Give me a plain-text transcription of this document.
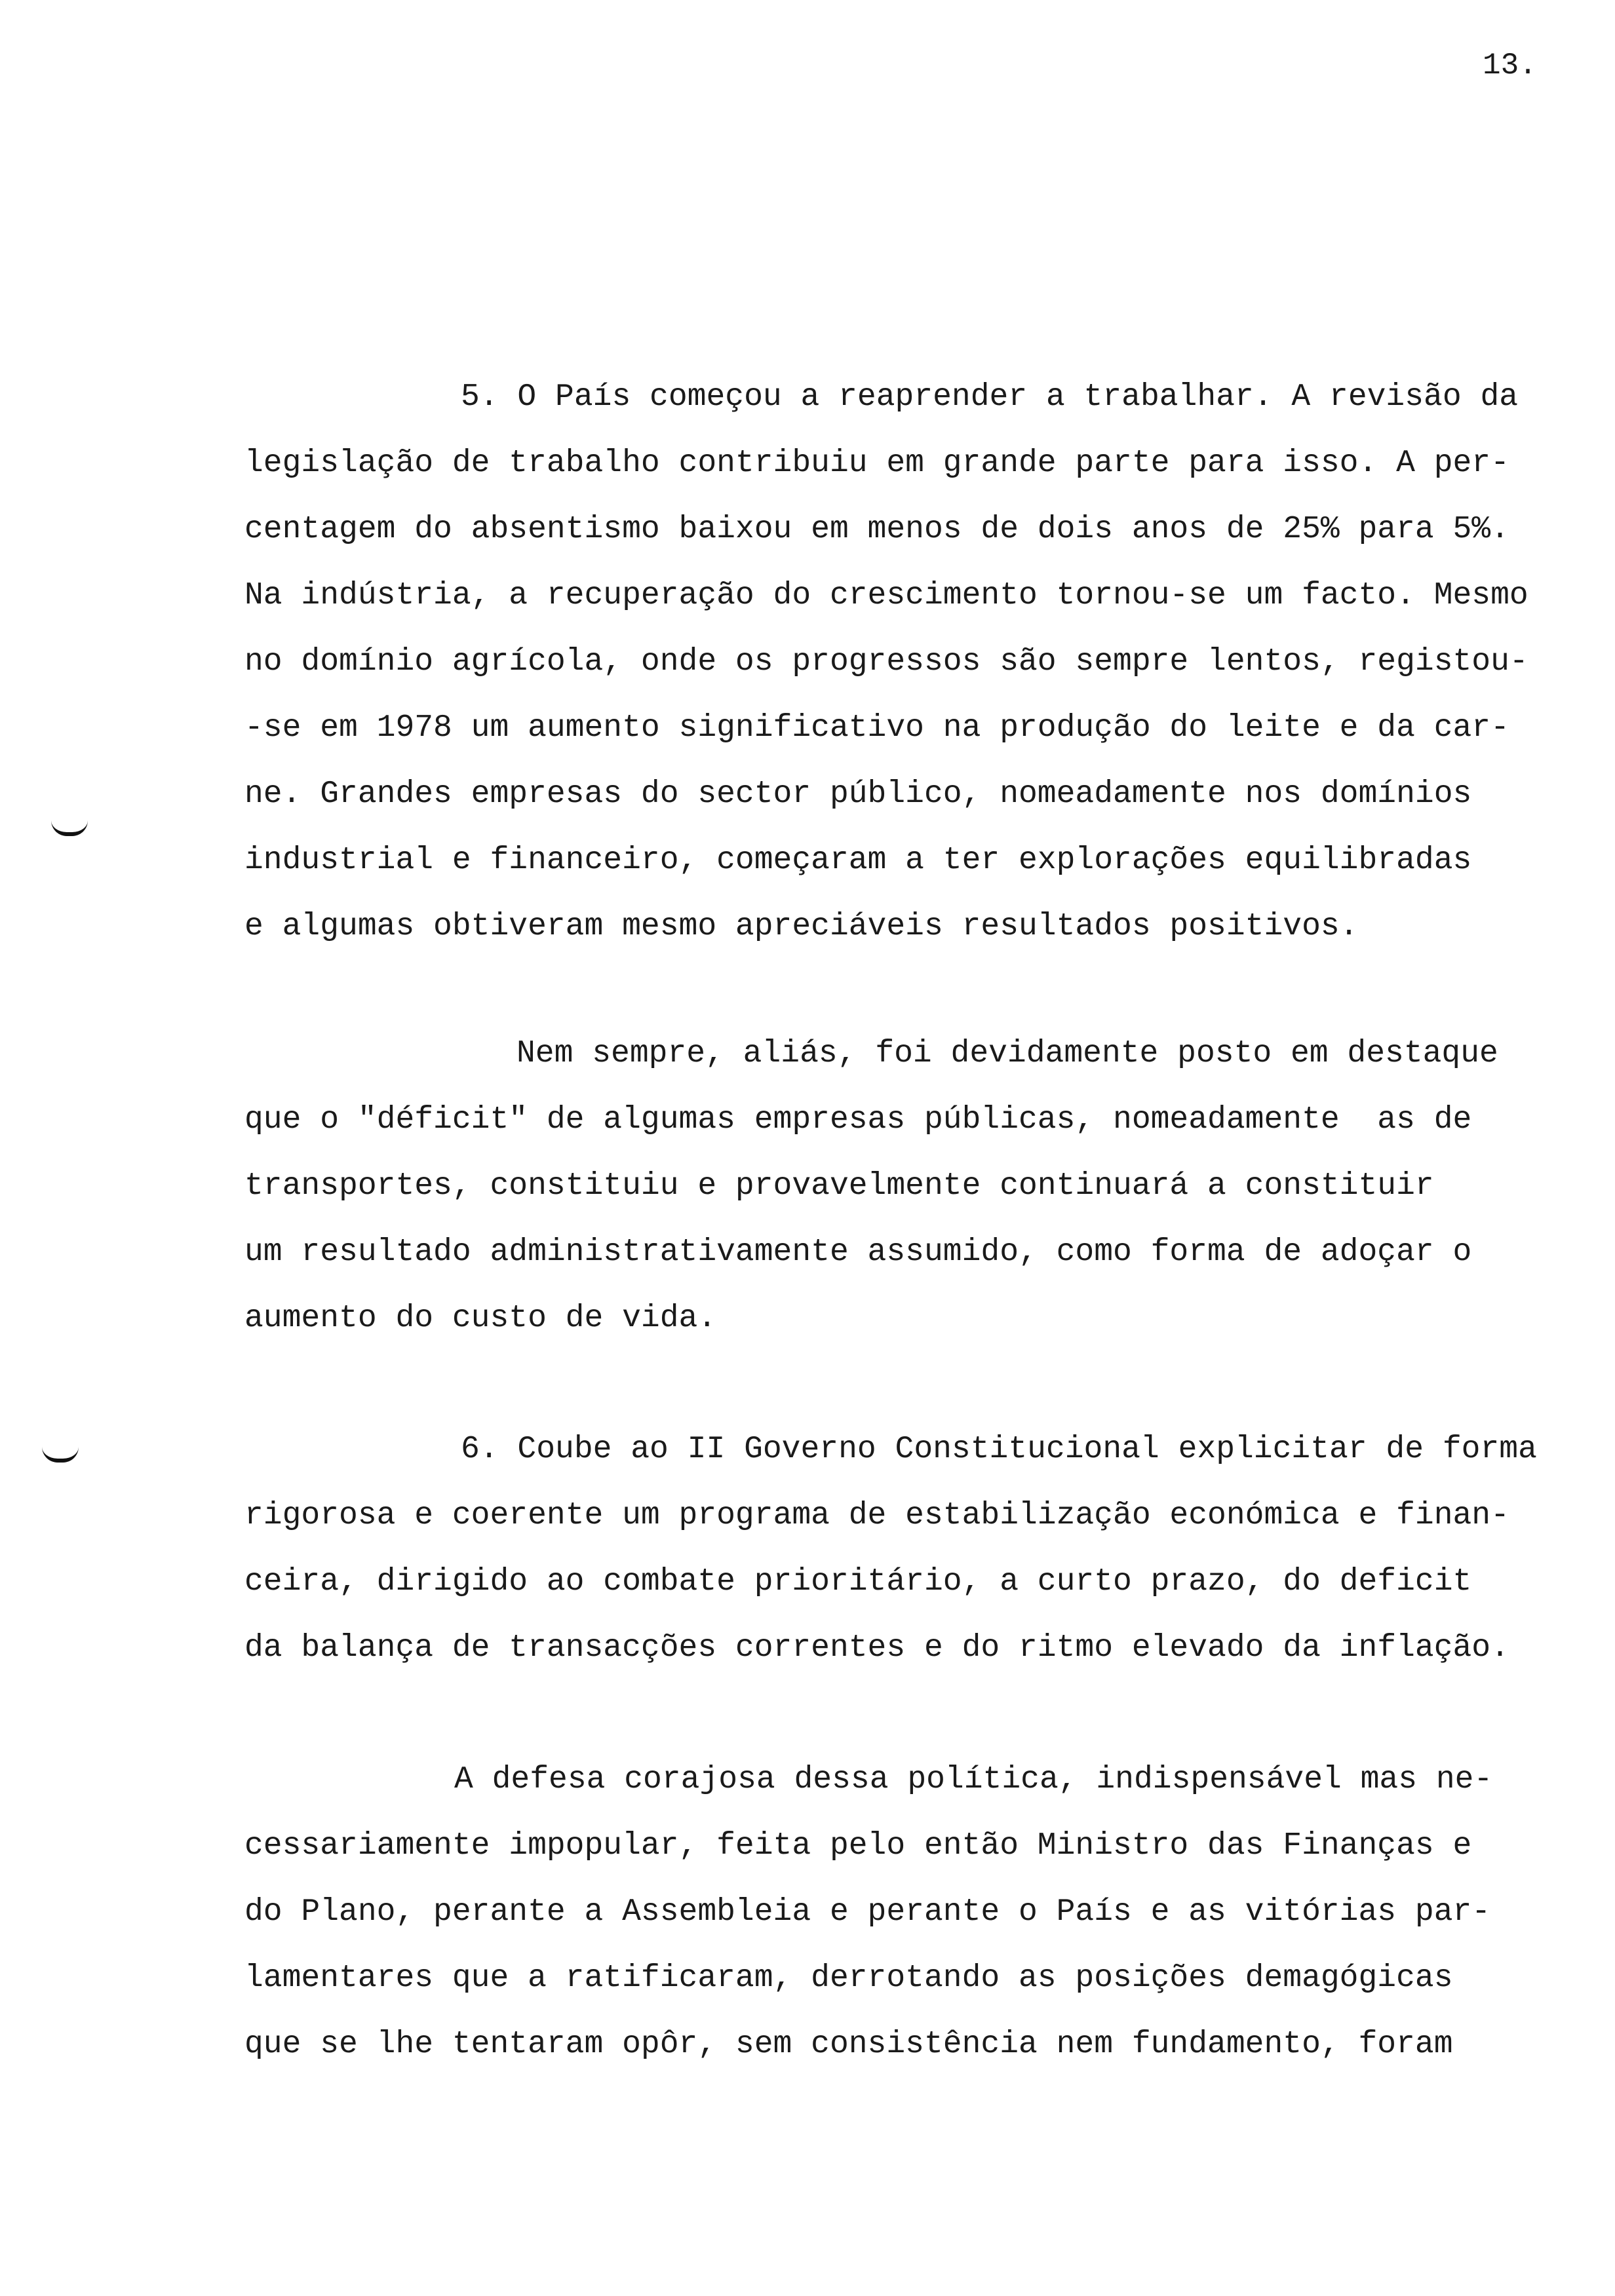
13.
5. O País começou a reaprender a trabalhar. A revisão da
legislação de trabalho contribuiu em grande parte para isso. A per-
centagem do absentismo baixou em menos de dois anos de 25% para 5%.
Na indústria, a recuperação do crescimento tornou-se um facto. Mesmo
no domínio agrícola, onde os progressos são sempre lentos, registou-
-se em 1978 um aumento significativo na produção do leite e da car-
ne. Grandes empresas do sector público, nomeadamente nos domínios
industrial e financeiro, começaram a ter explorações equilibradas
e algumas obtiveram mesmo apreciáveis resultados positivos.
Nem sempre, aliás, foi devidamente posto em destaque
que o "déficit" de algumas empresas públicas, nomeadamente  as de
transportes, constituiu e provavelmente continuará a constituir
um resultado administrativamente assumido, como forma de adoçar o
aumento do custo de vida.
6. Coube ao II Governo Constitucional explicitar de forma
rigorosa e coerente um programa de estabilização económica e finan-
ceira, dirigido ao combate prioritário, a curto prazo, do deficit
da balança de transacções correntes e do ritmo elevado da inflação.
A defesa corajosa dessa política, indispensável mas ne-
cessariamente impopular, feita pelo então Ministro das Finanças e
do Plano, perante a Assembleia e perante o País e as vitórias par-
lamentares que a ratificaram, derrotando as posições demagógicas
que se lhe tentaram opôr, sem consistência nem fundamento, foram
